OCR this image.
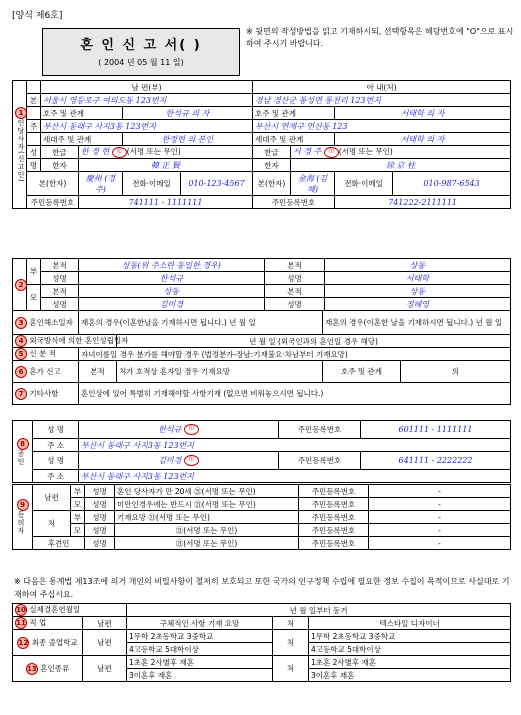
[양식 제6호]
혼 인 신 고 서( )
( 2004 년 05 월 11 일)
※ 뒷면의 작성방법을 읽고 기재하시되, 선택항목은 해당번호에 "O"으로 표시하여 주시기 바랍니다.
1
인당사자(신고인)		남 편(부)				아 내(처)			
	본	서울시 영등포구 여의도동 123번지				경남 경산군 통성면 통천리 123번지			
		호주 및 관계		한석규 의 자		호주 및 관계		서태학 의 자	
	주	부산시 동래구 사지3동 123번지				부산시 연제구 연산동 123			
		세대주 및 관계		한정현 의 본인		세대주 및 관계		서태학 의 자	
	성	한글	한 정 현 印 (서명 또는 무인)			한글	서 경 주 印 (서명 또는 무인)		
	명	한자	韓 正 賢			한자	徐 京 柱		
	본(한자)		慶州 (경주)	전화·이메일	010-123-4567	본(한자)	金海 (김해)	전화·이메일	010-987-6543
	주민등록번호		741111 - 1111111			주민등록번호		741222-2111111	
2	부	본적	상동(위 주소란 동일한 경우)	본적	상동
		성명	한석규	성명	서태학
	모	본적	상동	본적	상동
		성명	김미경	성명	정혜영
3 혼인해소일자	재혼의 경우(이혼한날을 기재하시면 됩니다.) 년 월 일		재혼의 경우(이혼한 날을 기재하시면 됩니다.) 년 월 일	
4 외국방식에 의한 혼인성립일자		년 월 일 (외국인과의 혼인일 경우 해당)		
5 신 분 적	자녀이름일 경우 분가를 해야할 경우 (법정분가-장남:기재불요·차남부터 기재요망)			
6 혼가 신고	본적	처가 호적상 혼자일 경우 기재요망	호주 및 관계	의
7 기타사항	혼인상에 있어 특별히 기재해야할 사항기재 (없으면 비워놓으시면 됩니다.)			
8
증인	성 명	한석규 印	주민등록번호	601111 - 1111111
	주 소	부산시 동래구 사지3동 123번지		
	성 명	김미경 印	주민등록번호	641111 - 2222222
	주 소	부산시 동래구 사지3동 123번지		
9
동의자	남편	부	성명	혼인 당사자가 만 20세 ㉑(서명 또는 무인)	주민등록번호	-
		모	성명	미만인경우에는 반드시 ㉑(서명 또는 무인)	주민등록번호	-
	처	부	성명	기재요망 ㉑(서명 또는 무인)	주민등록번호	-
		모	성명	㉑(서명 또는 무인)	주민등록번호	-
	후견인		성명	㉑(서명 또는 무인)	주민등록번호	-
※ 다음은 통계법 제13조에 의거 개인의 비밀사항이 철저히 보호되고 또한 국가의 인구정책 수립에 필요한 정보 수집이 목적이므로 사실대로 기재하여 주십시요.
10 실제결혼연월일		년 월 일부터 동거		
11 직 업	남편	구체적인 사항 기재 요망	처	텍스타일 디자이너
12 최종 졸업학교	남편	1무학 2초등학교 3중학교	처	1무학 2초등학교 3중학교
		4고등학교 5대학이상		4고등학교 5대학이상
13 혼인종류	남편	1초혼 2사별후 재혼	처	1초혼 2사별후 재혼
		3이혼후 재혼		3이혼후 재혼
